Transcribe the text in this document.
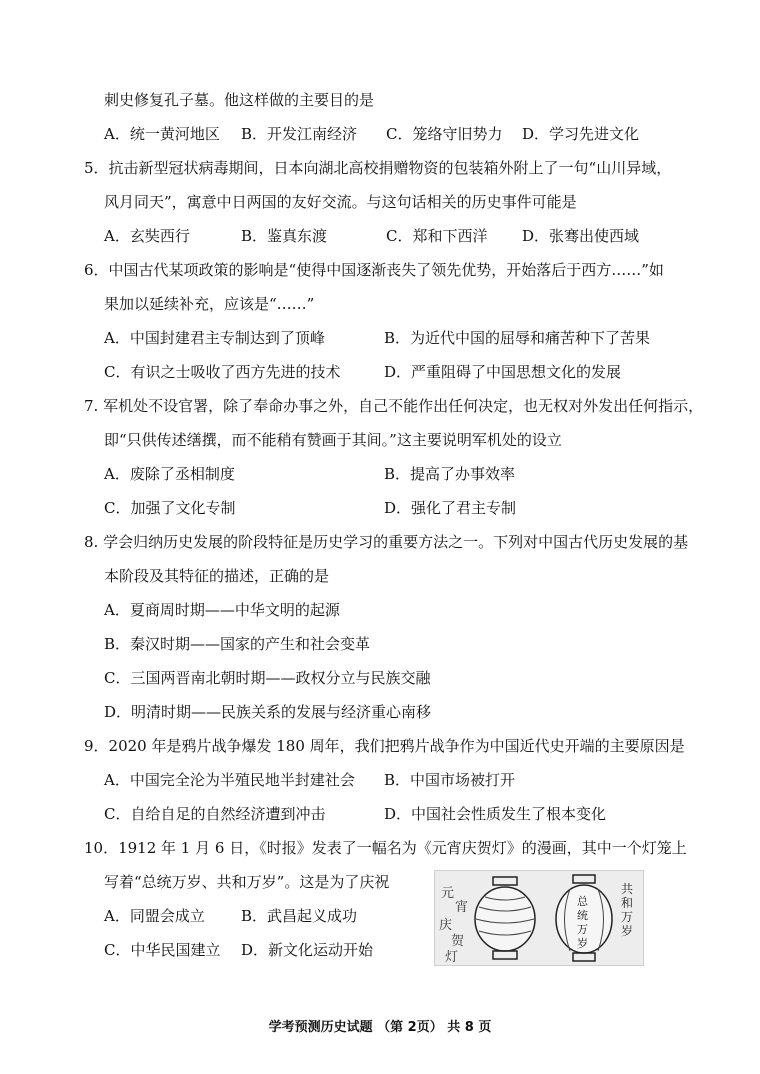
刺史修复孔子墓。他这样做的主要目的是
A．统一黄河地区 B．开发江南经济 C．笼络守旧势力 D．学习先进文化
5．抗击新型冠状病毒期间，日本向湖北高校捐赠物资的包装箱外附上了一句“山川异域，
风月同天”，寓意中日两国的友好交流。与这句话相关的历史事件可能是
A．玄奘西行	B．鉴真东渡	C．郑和下西洋 D．张骞出使西域
6．中国古代某项政策的影响是“使得中国逐渐丧失了领先优势，开始落后于西方……”如
果加以延续补充，应该是“……”
A．中国封建君主专制达到了顶峰	B．为近代中国的屈辱和痛苦种下了苦果
C．有识之士吸收了西方先进的技术	D．严重阻碍了中国思想文化的发展
7. 军机处不设官署，除了奉命办事之外，自己不能作出任何决定，也无权对外发出任何指示，
即“只供传述缮撰，而不能稍有赞画于其间。”这主要说明军机处的设立
A．废除了丞相制度	B．提高了办事效率
C．加强了文化专制	D．强化了君主专制
8. 学会归纳历史发展的阶段特征是历史学习的重要方法之一。下列对中国古代历史发展的基
本阶段及其特征的描述，正确的是
A．夏商周时期——中华文明的起源
B．秦汉时期——国家的产生和社会变革
C．三国两晋南北朝时期——政权分立与民族交融
D．明清时期——民族关系的发展与经济重心南移
9．2020 年是鸦片战争爆发 180 周年，我们把鸦片战争作为中国近代史开端的主要原因是
A．中国完全沦为半殖民地半封建社会 B．中国市场被打开
C．自给自足的自然经济遭到冲击	D．中国社会性质发生了根本变化
10．1912 年 1 月 6 日，《时报》发表了一幅名为《元宵庆贺灯》的漫画，其中一个灯笼上
写着“总统万岁、共和万岁”。这是为了庆祝
A．同盟会成立 B．武昌起义成功
C．中华民国建立 D．新文化运动开始
元
宵
庆
贺
灯
总
统
万
岁
共
和
万
岁
学考预测历史试题 （第 2页） 共 8 页
